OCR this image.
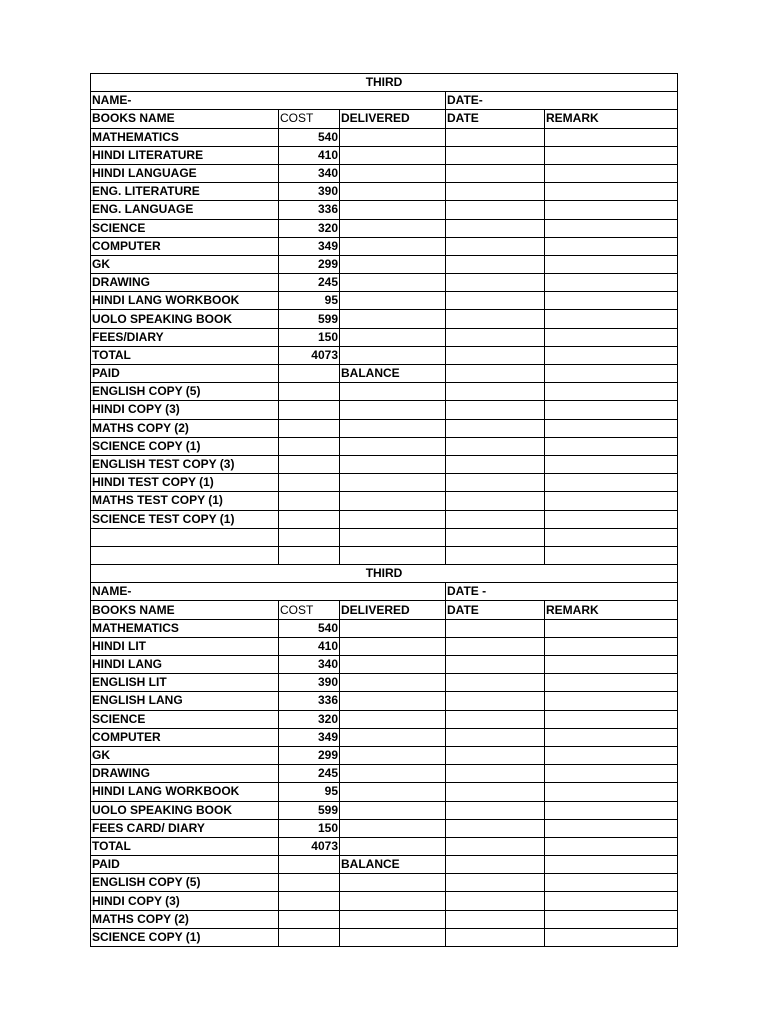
THIRD				
NAME-			DATE-	
BOOKS NAME	COST	DELIVERED	DATE	REMARK
MATHEMATICS	540			
HINDI LITERATURE	410			
HINDI LANGUAGE	340			
ENG. LITERATURE	390			
ENG. LANGUAGE	336			
SCIENCE	320			
COMPUTER	349			
GK	299			
DRAWING	245			
HINDI LANG WORKBOOK	95			
UOLO SPEAKING BOOK	599			
FEES/DIARY	150			
TOTAL	4073			
PAID		BALANCE		
ENGLISH COPY (5)				
HINDI COPY (3)				
MATHS COPY (2)				
SCIENCE COPY (1)				
ENGLISH TEST COPY (3)				
HINDI TEST COPY (1)				
MATHS TEST COPY (1)				
SCIENCE TEST COPY (1)				

THIRD				
NAME-			DATE -	
BOOKS NAME	COST	DELIVERED	DATE	REMARK
MATHEMATICS	540			
HINDI LIT	410			
HINDI LANG	340			
ENGLISH LIT	390			
ENGLISH LANG	336			
SCIENCE	320			
COMPUTER	349			
GK	299			
DRAWING	245			
HINDI LANG WORKBOOK	95			
UOLO SPEAKING BOOK	599			
FEES CARD/ DIARY	150			
TOTAL	4073			
PAID		BALANCE		
ENGLISH COPY (5)				
HINDI COPY (3)				
MATHS COPY (2)				
SCIENCE COPY (1)				
